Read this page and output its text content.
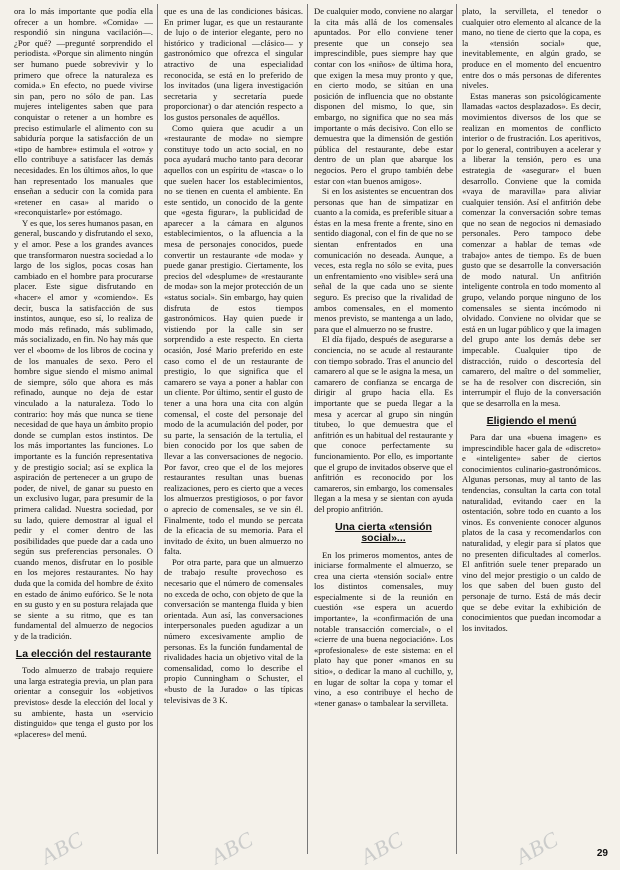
ora lo más importante que podía ella ofrecer a un hombre. «Comida» —respondió sin ninguna vacilación—. ¿Por qué? —pregunté sorprendido el periodista. «Porque sin alimento ningún ser humano puede sobrevivir y lo primero que ofrece la naturaleza es comida.» En efecto, no puede vivirse sin pan, pero no sólo de pan. Las mujeres inteligentes saben que para conquistar o retener a un hombre es preciso estimularle el alimento con su sabiduría porque la satisfacción de un «tipo de hambre» estimula el «otro» y ello contribuye a satisfacer las demás necesidades. En los últimos años, lo que han representado los manuales que enseñan a seducir con la comida para «retener en casa» al marido o «reconquistarle» por estómago.

Y es que, los seres humanos pasan, en general, buscando y disfrutando el sexo, y el amor. Pese a los grandes avances que transformaron nuestra sociedad a lo largo de los siglos, pocas cosas han cambiado en el hombre para procurarse placer. Este sigue disfrutando en «hacer» el amor y «comiendo». Es decir, busca la satisfacción de sus instintos, aunque, eso sí, lo realiza de modo más refinado, más sublimado, más socializado, en fin. No hay más que ver el «boom» de los libros de cocina y de los manuales de sexo. Pero el hombre sigue siendo el mismo animal de siempre, sólo que ahora es más refinado, aunque no deja de estar vinculado a la naturaleza. Todo lo contrario: hoy más que nunca se tiene necesidad de que haya un ámbito propio donde se cumplan estos instintos. De los más importantes las funciones. Lo importante es la función representativa y de prestigio social; así se explica la aspiración de pertenecer a un grupo de poder, de nivel, de ganar su puesto en un exclusivo lugar, para presumir de la primera calidad. Nuestra sociedad, por su lado, quiere demostrar al igual el pedir y el comer dentro de las posibilidades que puede dar a cada uno según sus preferencias personales. O cuando menos, disfrutar en lo posible en los mejores restaurantes. No hay duda que la comida del hombre de éxito en estado de ánimo eufórico. Se le nota en su gusto y en su postura relajada que se siente a su ritmo, que es tan fundamental del almuerzo de negocios y de la tradición.

La elección del restaurante

Todo almuerzo de trabajo requiere una larga estrategia previa, un plan para orientar a conseguir los «objetivos previstos» desde la elección del local y su ambiente, hasta un «servicio distinguido» que tenga el gusto por los «placeres» del menú.

que es una de las condiciones básicas. En primer lugar, es que un restaurante de lujo o de interior elegante, pero no histórico y tradicional —clásico— y gastronómico que ofrezca el singular atractivo de una especialidad reconocida, se está en lo preferido de los invitados (una ligera investigación secretaria y secretaría puede proporcionar) o dar atención respecto a los gustos personales de aquéllos.

Como quiera que acudir a un «restaurante de moda» no siempre constituye todo un acto social, en no poca ayudará mucho tanto para decorar aquellos con un espíritu de «tasca» o lo que suelen hacer los establecimientos, no se tienen en cuenta el ambiente. En este sentido, un conocido de la gente que «gesta figurar», la publicidad de aparecer a la cámara en algunos establecimientos, o la afluencia a la mesa de personajes conocidos, puede convertir un restaurante «de moda» y puede ganar prestigio. Ciertamente, los precios del «desplume» de «restaurante de moda» son la mejor protección de un «status social». Sin embargo, hay quien disfruta de estos tiempos gastronómicos. Hay quien puede ir vistiendo por la calle sin ser sorprendido a este respecto. En cierta ocasión, José Mario preferido en este caso como el de un restaurante de prestigio, lo que significa que el camarero se vaya a poner a hablar con un cliente. Por último, sentir el gusto de tener a una hora una cita con algún comensal, el coste del personaje del modo de la acumulación del poder, por su parte, la sensación de la tertulia, el bien conocido por los que saben de llevar a las conversaciones de negocio. Por favor, creo que el de los mejores restaurantes resultan unas buenas realizaciones, pero es cierto que a veces los almuerzos prestigiosos, o por favor o aprecio de comensales, se ve sin él. Finalmente, todo el mundo se percata de la eficacia de su memoria. Para el invitado de éxito, un buen almuerzo no falta.

Por otra parte, para que un almuerzo de trabajo resulte provechoso es necesario que el número de comensales no exceda de ocho, con objeto de que la conversación se mantenga fluida y bien orientada. Aun así, las conversaciones interpersonales pueden agudizar a un número excesivamente amplio de personas. Es la función fundamental de rivalidades hacia un objetivo vital de la comensalidad, como lo describe el propio Cunningham o Schuster, el «busto de la Jurado» o las típicas televisivas de 3 K.

De cualquier modo, conviene no alargar la cita más allá de los comensales apuntados. Por ello conviene tener presente que un consejo sea imprescindible, pues siempre hay que contar con los «niños» de última hora, que exigen la mesa muy pronto y que, en cierto modo, se sitúan en una posición de influencia que no obstante disponen del mismo, lo que, sin embargo, no significa que no sea más importante o más decisivo. Con ello se demuestra que la dimensión de gestión pública del restaurante, debe estar dentro de un plan que abarque los negocios. Pero el grupo también debe estar con «tan buenos amigos».

Si en los asistentes se encuentran dos personas que han de simpatizar en cuanto a la comida, es preferible situar a éstas en la mesa frente a frente, sino en sentido diagonal, con el fin de que no se sientan enfrentados en una comunicación no deseada. Aunque, a veces, esta regla no sólo se evita, pues un enfrentamiento «no visible» será una señal de la que cada uno se siente seguro. Es preciso que la rivalidad de ambos comensales, en el momento menos previsto, se mantenga a un lado, para que el almuerzo no se frustre.

El día fijado, después de asegurarse a conciencia, no se acude al restaurante con tiempo sobrado. Tras el anuncio del camarero al que se le asigna la mesa, un camarero de confianza se encarga de dirigir al grupo hacia ella. Es importante que se pueda llegar a la mesa y acercar al grupo sin ningún titubeo, lo que demuestra que el anfitrión es un habitual del restaurante y que conoce perfectamente su funcionamiento. Por ello, es importante que el grupo de invitados observe que el anfitrión es reconocido por los camareros, sin embargo, los comensales llegan a la mesa y se sientan con ayuda del propio anfitrión.

Una cierta «tensión social»...

En los primeros momentos, antes de iniciarse formalmente el almuerzo, se crea una cierta «tensión social» entre los distintos comensales, muy especialmente si de la reunión en cuestión «se espera un acuerdo importante», la «confirmación de una notable transacción comercial», o el «cierre de una buena negociación». Los «profesionales» de este sistema: en el plato hay que poner «manos en su sitio», o dedicar la mano al cuchillo, y, en lugar de soltar la copa y tomar el vino, a eso contribuye el hecho de «tener ganas» o tambalear la servilleta.

plato, la servilleta, el tenedor o cualquier otro elemento al alcance de la mano, no tiene de cierto que la copa, es la «tensión social» que, inevitablemente, en algún grado, se produce en el momento del encuentro entre dos o más personas de diferentes niveles.

Estas maneras son psicológicamente llamadas «actos desplazados». Es decir, movimientos diversos de los que se realizan en momentos de conflicto interior o de frustración. Los aperitivos, por lo general, contribuyen a acelerar y a liberar la tensión, pero es una estrategia de «asegurar» el buen desarrollo. Conviene que la comida «vaya de maravilla» para aliviar cualquier tensión. Así el anfitrión debe comenzar la conversación sobre temas que no sean de negocios ni demasiado personales. Pero tampoco debe comenzar a hablar de temas «de trabajo» antes de tiempo. Es de buen gusto que se desarrolle la conversación de modo natural. Un anfitrión inteligente controla en todo momento al grupo, velando porque ninguno de los comensales se sienta incómodo ni olvidado. Conviene no olvidar que se está en un lugar público y que la imagen del grupo ante los demás debe ser impecable. Cualquier tipo de distracción, ruido o descortesía del camarero, del maître o del sommelier, se ha de resolver con discreción, sin interrumpir el flujo de la conversación que se desarrolla en la mesa.

Eligiendo el menú

Para dar una «buena imagen» es imprescindible hacer gala de «discreto» e «inteligente» saber de ciertos conocimientos culinario-gastronómicos. Algunas personas, muy al tanto de las tendencias, consultan la carta con total naturalidad, evitando caer en la ostentación, sobre todo en cuanto a los vinos. Es conveniente conocer algunos platos de la casa y recomendarlos con naturalidad, y elegir para sí platos que no presenten dificultades al comerlos. El anfitrión suele tener preparado un vino del mejor prestigio o un caldo de los que saben del buen gusto del personaje de turno. Está de más decir que se debe evitar la exhibición de conocimientos que puedan incomodar a los invitados.

29
ABC	ABC	ABC	ABC
